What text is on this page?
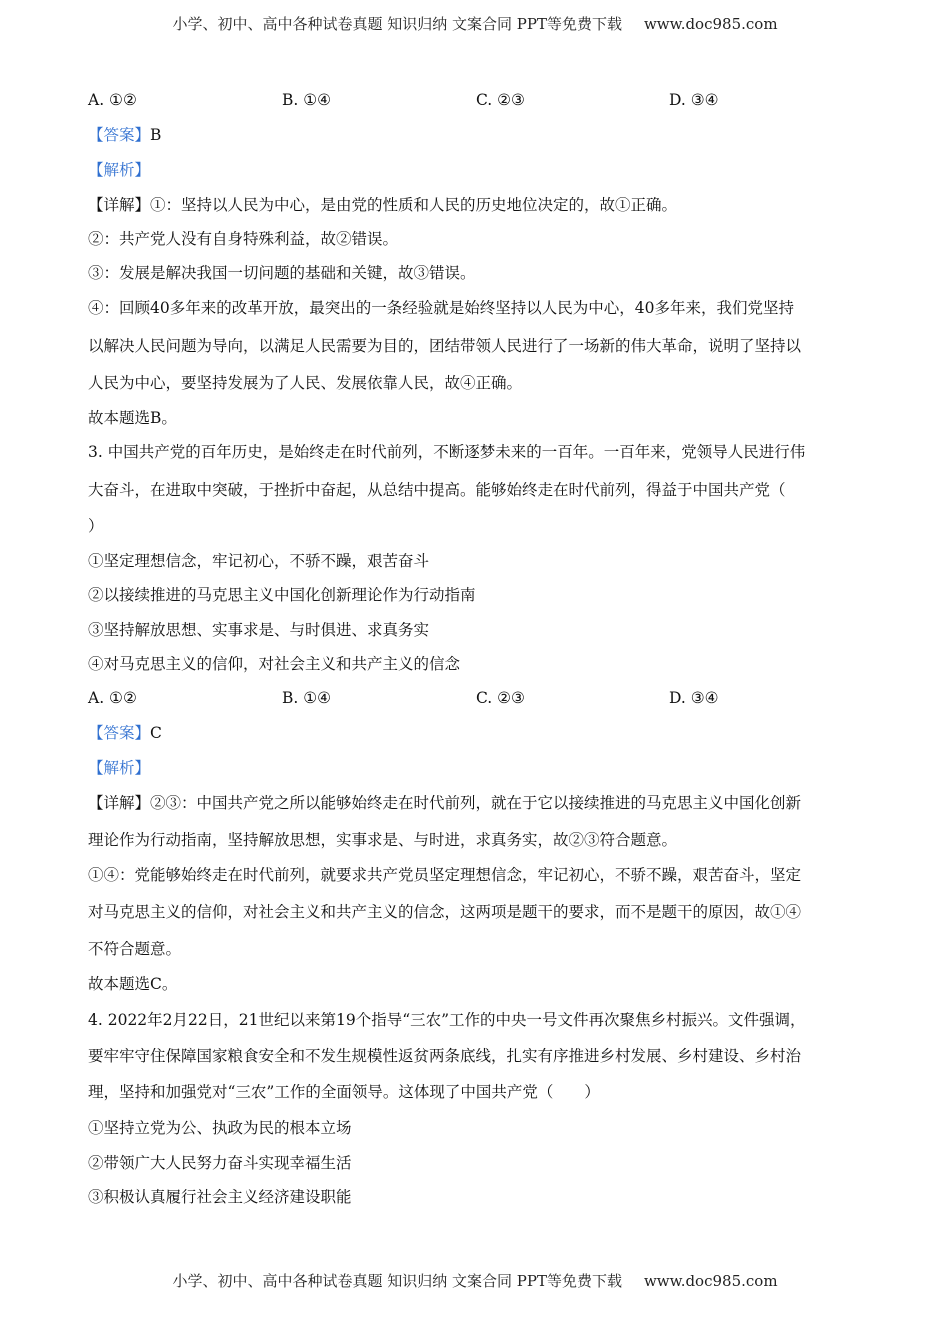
小学、初中、高中各种试卷真题 知识归纳 文案合同 PPT等免费下载 www.doc985.com
A. ①②	B. ①④	C. ②③	D. ③④
【答案】B
【解析】
【详解】①：坚持以人民为中心，是由党的性质和人民的历史地位决定的，故①正确。
②：共产党人没有自身特殊利益，故②错误。
③：发展是解决我国一切问题的基础和关键，故③错误。
④：回顾40多年来的改革开放，最突出的一条经验就是始终坚持以人民为中心，40多年来，我们党坚持
以解决人民问题为导向，以满足人民需要为目的，团结带领人民进行了一场新的伟大革命，说明了坚持以
人民为中心，要坚持发展为了人民、发展依靠人民，故④正确。
故本题选B。
3. 中国共产党的百年历史，是始终走在时代前列，不断逐梦未来的一百年。一百年来，党领导人民进行伟
大奋斗，在进取中突破，于挫折中奋起，从总结中提高。能够始终走在时代前列，得益于中国共产党（
）
①坚定理想信念，牢记初心，不骄不躁，艰苦奋斗
②以接续推进的马克思主义中国化创新理论作为行动指南
③坚持解放思想、实事求是、与时俱进、求真务实
④对马克思主义的信仰，对社会主义和共产主义的信念
A. ①②	B. ①④	C. ②③	D. ③④
【答案】C
【解析】
【详解】②③：中国共产党之所以能够始终走在时代前列，就在于它以接续推进的马克思主义中国化创新
理论作为行动指南，坚持解放思想，实事求是、与时进，求真务实，故②③符合题意。
①④：党能够始终走在时代前列，就要求共产党员坚定理想信念，牢记初心，不骄不躁，艰苦奋斗，坚定
对马克思主义的信仰，对社会主义和共产主义的信念，这两项是题干的要求，而不是题干的原因，故①④
不符合题意。
故本题选C。
4. 2022年2月22日，21世纪以来第19个指导“三农”工作的中央一号文件再次聚焦乡村振兴。文件强调，
要牢牢守住保障国家粮食安全和不发生规模性返贫两条底线，扎实有序推进乡村发展、乡村建设、乡村治
理，坚持和加强党对“三农”工作的全面领导。这体现了中国共产党（　　）
①坚持立党为公、执政为民的根本立场
②带领广大人民努力奋斗实现幸福生活
③积极认真履行社会主义经济建设职能
小学、初中、高中各种试卷真题 知识归纳 文案合同 PPT等免费下载 www.doc985.com
